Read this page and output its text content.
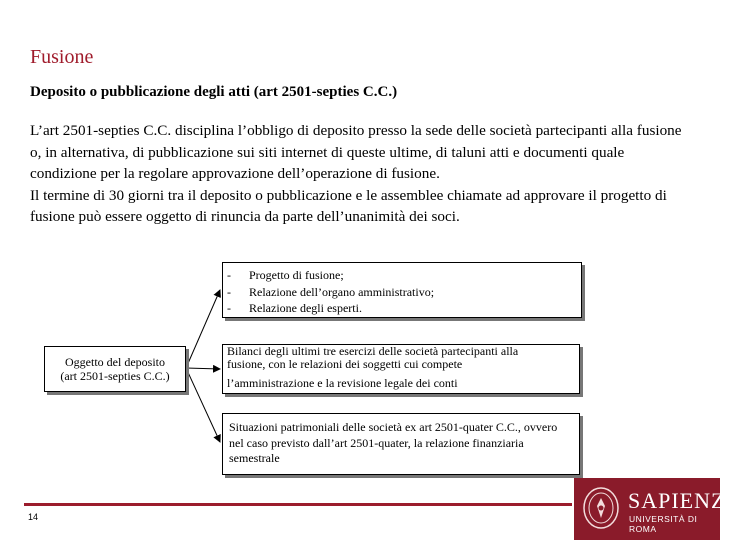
Fusione
Deposito o pubblicazione degli atti (art 2501-septies C.C.)

L’art 2501-septies C.C. disciplina l’obbligo di deposito presso la sede delle società partecipanti alla fusione o, in alternativa, di pubblicazione sui siti internet di queste ultime, di taluni atti e documenti quale condizione per la regolare approvazione dell’operazione di fusione.

Il termine di 30 giorni tra il deposito o pubblicazione e le assemblee chiamate ad approvare il progetto di fusione può essere oggetto di rinuncia da parte dell’unanimità dei soci.

Oggetto del deposito
(art 2501-septies C.C.)
-	Progetto di fusione;
-	Relazione dell’organo amministrativo;
-	Relazione degli esperti.
Bilanci degli ultimi tre esercizi delle società partecipanti alla
fusione, con le relazioni dei soggetti cui compete
l’amministrazione e la revisione legale dei conti
Situazioni patrimoniali delle società ex art 2501-quater C.C., ovvero nel caso previsto dall’art 2501-quater, la relazione finanziaria semestrale
14
SAPIENZA
UNIVERSITÀ DI ROMA
